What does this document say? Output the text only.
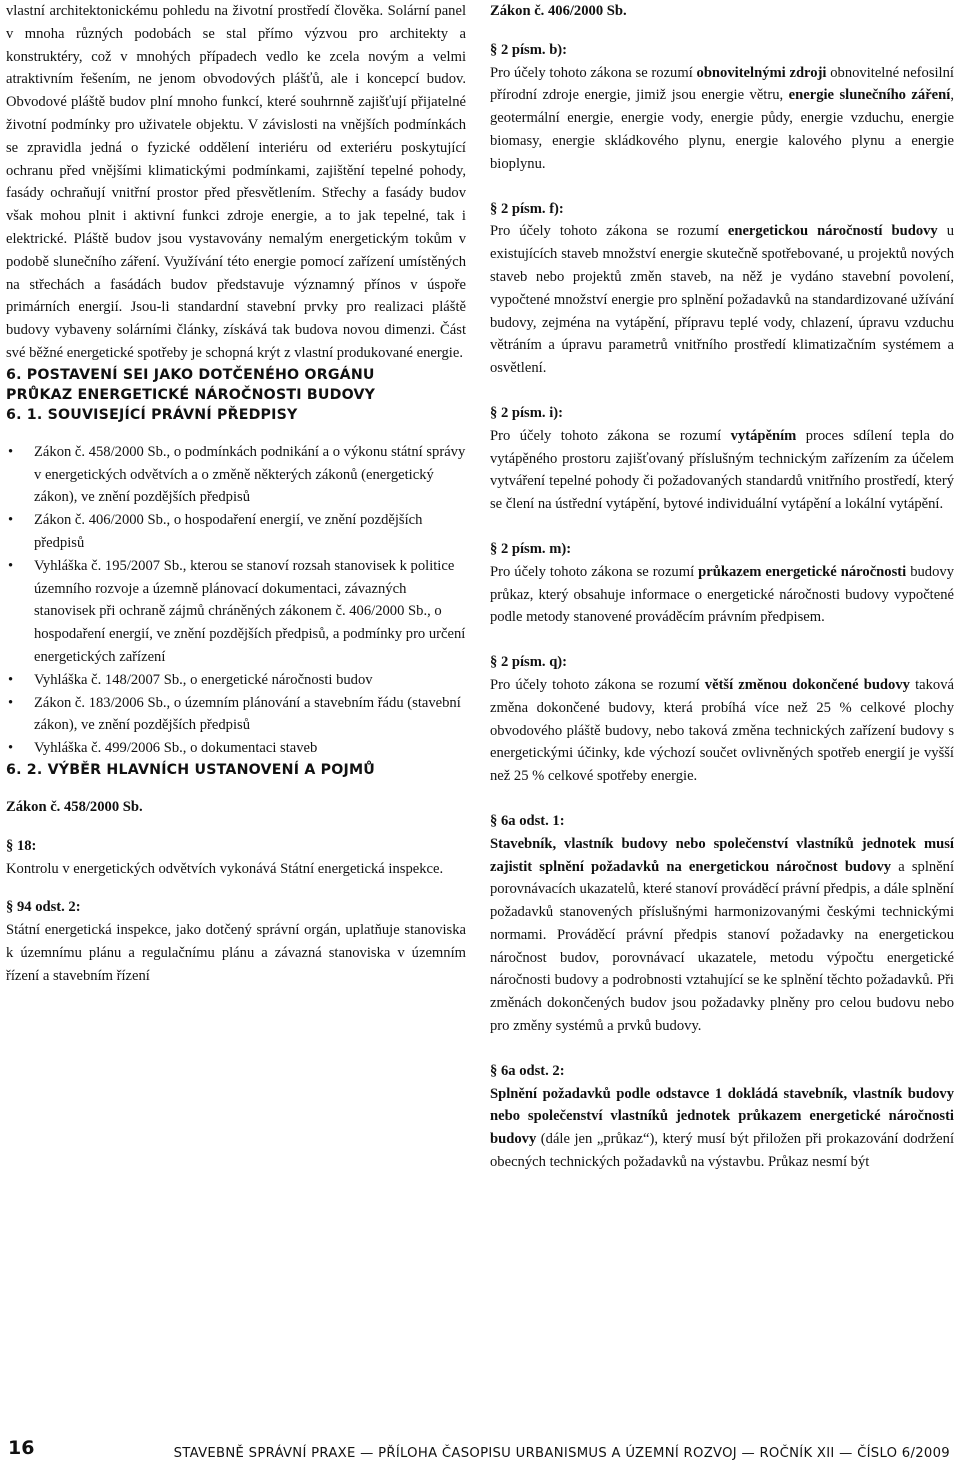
vlastní architektonickému pohledu na životní prostředí člověka. Solární panel v mnoha různých podobách se stal přímo výzvou pro architekty a konstruktéry, což v mnohých případech vedlo ke zcela novým a velmi atraktivním řešením, ne jenom obvodových plášťů, ale i koncepcí budov. Obvodové pláště budov plní mnoho funkcí, které souhrnně zajišťují přijatelné životní podmínky pro uživatele objektu. V závislosti na vnějších podmínkách se zpravidla jedná o fyzické oddělení interiéru od exteriéru poskytující ochranu před vnějšími klimatickými podmínkami, zajištění tepelné pohody, fasády ochraňují vnitřní prostor před přesvětlením. Střechy a fasády budov však mohou plnit i aktivní funkci zdroje energie, a to jak tepelné, tak i elektrické. Pláště budov jsou vystavovány nemalým energetickým tokům v podobě slunečního záření. Využívání této energie pomocí zařízení umístěných na střechách a fasádách budov představuje významný přínos v úspoře primárních energií. Jsou-li standardní stavební prvky pro realizaci pláště budovy vybaveny solárními články, získává tak budova novou dimenzi. Část své běžné energetické spotřeby je schopná krýt z vlastní produkované energie.

6. POSTAVENÍ SEI JAKO DOTČENÉHO ORGÁNU
PRŮKAZ ENERGETICKÉ NÁROČNOSTI BUDOVY

6. 1. SOUVISEJÍCÍ PRÁVNÍ PŘEDPISY

• Zákon č. 458/2000 Sb., o podmínkách podnikání a o výkonu státní správy v energetických odvětvích a o změně některých zákonů (energetický zákon), ve znění pozdějších předpisů
• Zákon č. 406/2000 Sb., o hospodaření energií, ve znění pozdějších předpisů
• Vyhláška č. 195/2007 Sb., kterou se stanoví rozsah stanovisek k politice územního rozvoje a územně plánovací dokumentaci, závazných stanovisek při ochraně zájmů chráněných zákonem č. 406/2000 Sb., o hospodaření energií, ve znění pozdějších předpisů, a podmínky pro určení energetických zařízení
• Vyhláška č. 148/2007 Sb., o energetické náročnosti budov
• Zákon č. 183/2006 Sb., o územním plánování a stavebním řádu (stavební zákon), ve znění pozdějších předpisů
• Vyhláška č. 499/2006 Sb., o dokumentaci staveb

6. 2. VÝBĚR HLAVNÍCH USTANOVENÍ A POJMŮ

Zákon č. 458/2000 Sb.

§ 18:

Kontrolu v energetických odvětvích vykonává Státní energetická inspekce.

§ 94 odst. 2:

Státní energetická inspekce, jako dotčený správní orgán, uplatňuje stanoviska k územnímu plánu a regulačnímu plánu a závazná stanoviska v územním řízení a stavebním řízení

Zákon č. 406/2000 Sb.

§ 2 písm. b):

Pro účely tohoto zákona se rozumí obnovitelnými zdroji obnovitelné nefosilní přírodní zdroje energie, jimiž jsou energie větru, energie slunečního záření, geotermální energie, energie vody, energie půdy, energie vzduchu, energie biomasy, energie skládkového plynu, energie kalového plynu a energie bioplynu.

§ 2 písm. f):

Pro účely tohoto zákona se rozumí energetickou náročností budovy u existujících staveb množství energie skutečně spotřebované, u projektů nových staveb nebo projektů změn staveb, na něž je vydáno stavební povolení, vypočtené množství energie pro splnění požadavků na standardizované užívání budovy, zejména na vytápění, přípravu teplé vody, chlazení, úpravu vzduchu větráním a úpravu parametrů vnitřního prostředí klimatizačním systémem a osvětlení.

§ 2 písm. i):

Pro účely tohoto zákona se rozumí vytápěním proces sdílení tepla do vytápěného prostoru zajišťovaný příslušným technickým zařízením za účelem vytváření tepelné pohody či požadovaných standardů vnitřního prostředí, který se člení na ústřední vytápění, bytové individuální vytápění a lokální vytápění.

§ 2 písm. m):

Pro účely tohoto zákona se rozumí průkazem energetické náročnosti budovy průkaz, který obsahuje informace o energetické náročnosti budovy vypočtené podle metody stanovené prováděcím právním předpisem.

§ 2 písm. q):

Pro účely tohoto zákona se rozumí větší změnou dokončené budovy taková změna dokončené budovy, která probíhá více než 25 % celkové plochy obvodového pláště budovy, nebo taková změna technických zařízení budovy s energetickými účinky, kde výchozí součet ovlivněných spotřeb energií je vyšší než 25 % celkové spotřeby energie.

§ 6a odst. 1:

Stavebník, vlastník budovy nebo společenství vlastníků jednotek musí zajistit splnění požadavků na energetickou náročnost budovy a splnění porovnávacích ukazatelů, které stanoví prováděcí právní předpis, a dále splnění požadavků stanovených příslušnými harmonizovanými českými technickými normami. Prováděcí právní předpis stanoví požadavky na energetickou náročnost budov, porovnávací ukazatele, metodu výpočtu energetické náročnosti budovy a podrobnosti vztahující se ke splnění těchto požadavků. Při změnách dokončených budov jsou požadavky plněny pro celou budovu nebo pro změny systémů a prvků budovy.

§ 6a odst. 2:

Splnění požadavků podle odstavce 1 dokládá stavebník, vlastník budovy nebo společenství vlastníků jednotek průkazem energetické náročnosti budovy (dále jen „průkaz“), který musí být přiložen při prokazování dodržení obecných technických požadavků na výstavbu. Průkaz nesmí být

16	STAVEBNĚ SPRÁVNÍ PRAXE — PŘÍLOHA ČASOPISU URBANISMUS A ÚZEMNÍ ROZVOJ — ROČNÍK XII — ČÍSLO 6/2009
